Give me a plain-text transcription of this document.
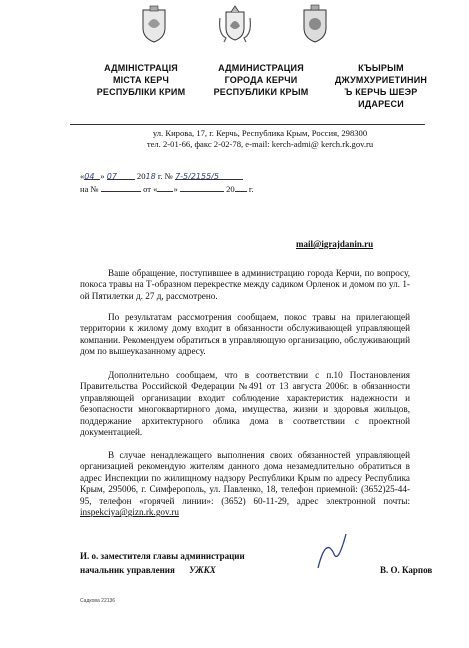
АДМІНІСТРАЦІЯ
МІСТА КЕРЧ
РЕСПУБЛІКИ КРИМ
АДМИНИСТРАЦИЯ
ГОРОДА КЕРЧИ
РЕСПУБЛИКИ КРЫМ
КЪЫРЫМ
ДЖУМХУРИЕТИНИН
Ъ КЕРЧЬ ШЕЭР
ИДАРЕСИ
ул. Кирова, 17, г. Керчь, Республика Крым, Россия, 298300
тел. 2-01-66, факс 2-02-78, e-mail: kerch-admi@ kerch.rk.gov.ru
«04 » 07 2018 г. № 7-5/2155/5
на №	от « »	20 г.
mail@igrajdanin.ru

Ваше обращение, поступившее в администрацию города Керчи, по вопросу, покоса травы на Т-образном перекрестке между садиком Орленок и домом по ул. 1-ой Пятилетки д. 27 д, рассмотрено.

По результатам рассмотрения сообщаем, покос травы на прилегающей территории к жилому дому входит в обязанности обслуживающей управляющей компании. Рекомендуем обратиться в управляющую организацию, обслуживающий дом по вышеуказанному адресу.

Дополнительно сообщаем, что в соответствии с п.10 Постановления Правительства Российской Федерации №491 от 13 августа 2006г. в обязанности управляющей организации входит соблюдение характеристик надежности и безопасности многоквартирного дома, имущества, жизни и здоровья жильцов, поддержание архитектурного облика дома в соответствии с проектной документацией.

В случае ненадлежащего выполнения своих обязанностей управляющей организацией рекомендую жителям данного дома незамедлительно обратиться в адрес Инспекции по жилищному надзору Республики Крым по адресу Республика Крым, 295006, г. Симферополь, ул. Павленко, 18, телефон приемной: (3652)25-44-95, телефон «горячей линии»: (3652) 60-11-29, адрес электронной почты: inspekciya@gizn.rk.gov.ru

И. о. заместителя главы администрации
начальник управления УЖКХ	В. О. Карпов
Садкова 22136
